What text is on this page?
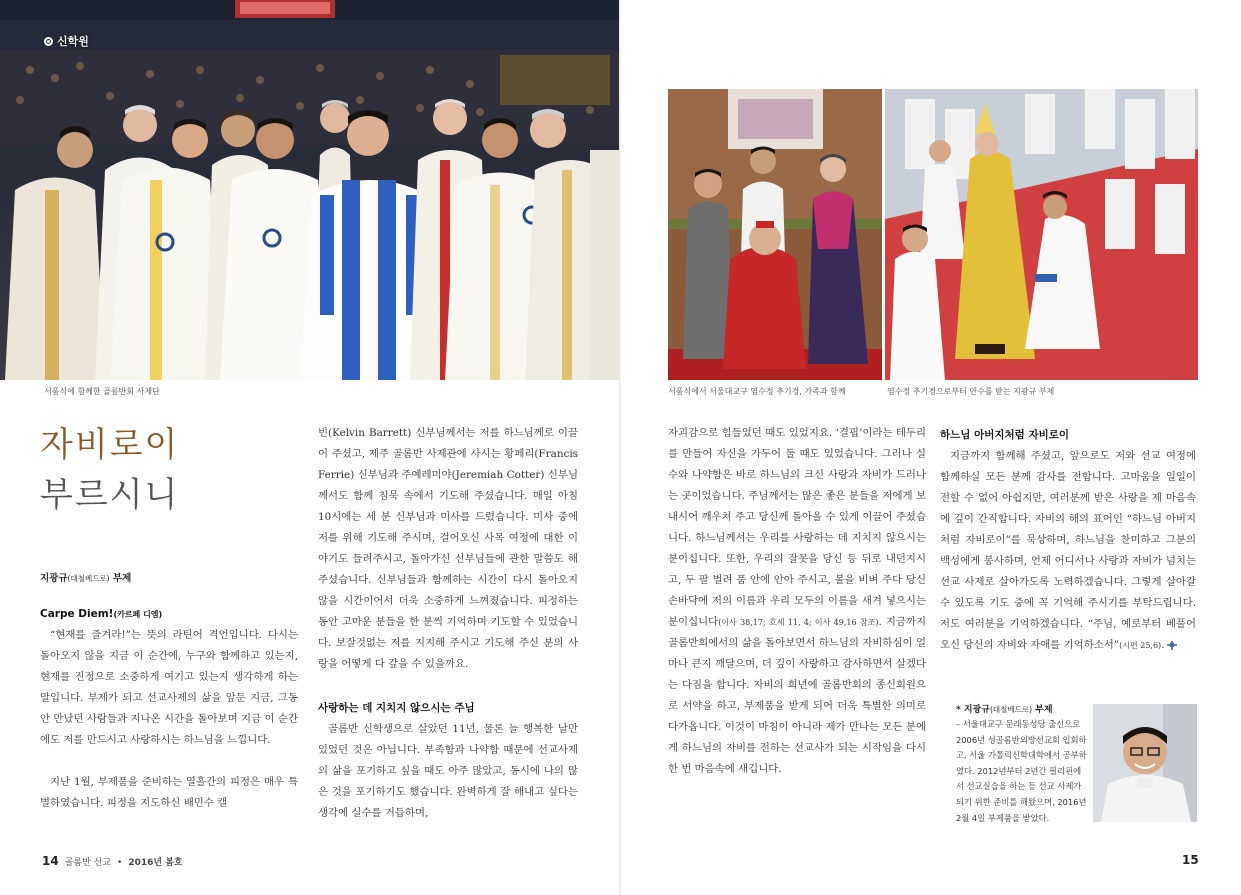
신학원
서품식에 함께한 골롬반회 사제단
자비로이
부르시니
지광규(대철베드로) 부제

Carpe Diem!(카르페 디엠)

“현재를 즐겨라!”는 뜻의 라틴어 격언입니다. 다시는 돌아오지 않을 지금 이 순간에, 누구와 함께하고 있는지, 현재를 진정으로 소중하게 여기고 있는지 생각하게 하는 말입니다. 부제가 되고 선교사제의 삶을 앞둔 지금, 그동안 만났던 사람들과 지나온 시간을 돌아보며 지금 이 순간에도 저를 만드시고 사랑하시는 하느님을 느낍니다.

지난 1월, 부제품을 준비하는 열흘간의 피정은 매우 특별하였습니다. 피정을 지도하신 배민수 캘

빈(Kelvin Barrett) 신부님께서는 저를 하느님께로 이끌어 주셨고, 제주 골롬반 사제관에 사시는 황페리(Francis Ferrie) 신부님과 주예레미야(Jeremiah Cotter) 신부님께서도 함께 침묵 속에서 기도해 주셨습니다. 매일 아침 10시에는 세 분 신부님과 미사를 드렸습니다. 미사 중에 저를 위해 기도해 주시며, 걸어오신 사목 여정에 대한 이야기도 들려주시고, 돌아가신 신부님들에 관한 말씀도 해주셨습니다. 신부님들과 함께하는 시간이 다시 돌아오지 않을 시간이어서 더욱 소중하게 느껴졌습니다. 피정하는 동안 고마운 분들을 한 분씩 기억하며 기도할 수 있었습니다. 보잘것없는 저를 지지해 주시고 기도해 주신 분의 사랑을 어떻게 다 갚을 수 있을까요.

사랑하는 데 지치지 않으시는 주님

골롬반 신학생으로 살았던 11년, 물론 늘 행복한 날만 있었던 것은 아닙니다. 부족함과 나약함 때문에 선교사제의 삶을 포기하고 싶을 때도 아주 많았고, 동시에 나의 많은 것을 포기하기도 했습니다. 완벽하게 잘 해내고 싶다는 생각에 실수를 거듭하며,

14 골롬반 선교 • 2016년 봄호
서품식에서 서울대교구 염수정 추기경, 가족과 함께	염수정 추기경으로부터 안수를 받는 지광규 부제

자괴감으로 힘들었던 때도 있었지요. ‘결핍’이라는 테두리를 만들어 자신을 가두어 둘 때도 있었습니다. 그러나 실수와 나약함은 바로 하느님의 크신 사랑과 자비가 드러나는 곳이었습니다. 주님께서는 많은 좋은 분들을 저에게 보내시어 깨우쳐 주고 당신께 돌아올 수 있게 이끌어 주셨습니다. 하느님께서는 우리를 사랑하는 데 지치지 않으시는 분이십니다. 또한, 우리의 잘못을 당신 등 뒤로 내던지시고, 두 팔 벌려 품 안에 안아 주시고, 볼을 비벼 주다 당신 손바닥에 저의 이름과 우리 모두의 이름을 새겨 넣으시는 분이십니다(이사 38,17; 호세 11, 4; 이사 49,16 참조). 지금까지 골롬반회에서의 삶을 돌아보면서 하느님의 자비하심이 얼마나 큰지 깨달으며, 더 깊이 사랑하고 감사하면서 살겠다는 다짐을 합니다. 자비의 희년에 골롬반회의 종신회원으로 서약을 하고, 부제품을 받게 되어 더욱 특별한 의미로 다가옵니다. 이것이 마침이 아니라 제가 만나는 모든 분에게 하느님의 자비를 전하는 선교사가 되는 시작임을 다시 한 번 마음속에 새깁니다.

하느님 아버지처럼 자비로이

지금까지 함께해 주셨고, 앞으로도 저와 선교 여정에 함께하실 모든 분께 감사를 전합니다. 고마움을 일일이 전할 수 없어 아쉽지만, 여러분께 받은 사랑을 제 마음속에 깊이 간직합니다. 자비의 해의 표어인 “하느님 아버지처럼 자비로이”를 묵상하며, 하느님을 찬미하고 그분의 백성에게 봉사하며, 언제 어디서나 사랑과 자비가 넘치는 선교 사제로 살아가도록 노력하겠습니다. 그렇게 살아갈 수 있도록 기도 중에 꼭 기억해 주시기를 부탁드립니다. 저도 여러분을 기억하겠습니다. “주님, 예로부터 베풀어 오신 당신의 자비와 자애를 기억하소서”(시편 25,6).

* 지광규(대철베드로) 부제
– 서울대교구 문래동성당 출신으로 2006년 성골롬반외방선교회 입회하고, 서울 가톨릭신학대학에서 공부하였다. 2012년부터 2년간 필리핀에서 선교실습을 하는 등 선교 사제가 되기 위한 준비를 해왔으며, 2016년 2월 4일 부제품을 받았다.
15
